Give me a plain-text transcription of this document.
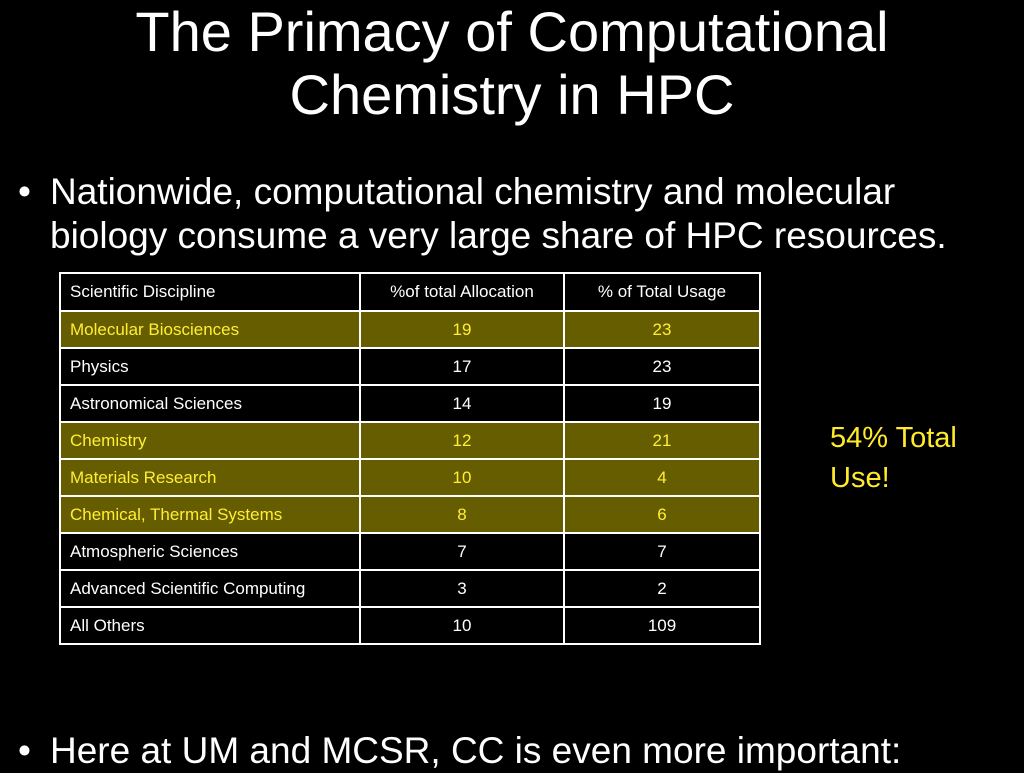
The Primacy of Computational
Chemistry in HPC
• Nationwide, computational chemistry and molecular biology consume a very large share of HPC resources.
Scientific Discipline	%of total Allocation	% of Total Usage
Molecular Biosciences	19	23
Physics	17	23
Astronomical Sciences	14	19
Chemistry	12	21
Materials Research	10	4
Chemical, Thermal Systems	8	6
Atmospheric Sciences	7	7
Advanced Scientific Computing	3	2
All Others	10	109
54% Total
Use!
• Here at UM and MCSR, CC is even more important:
